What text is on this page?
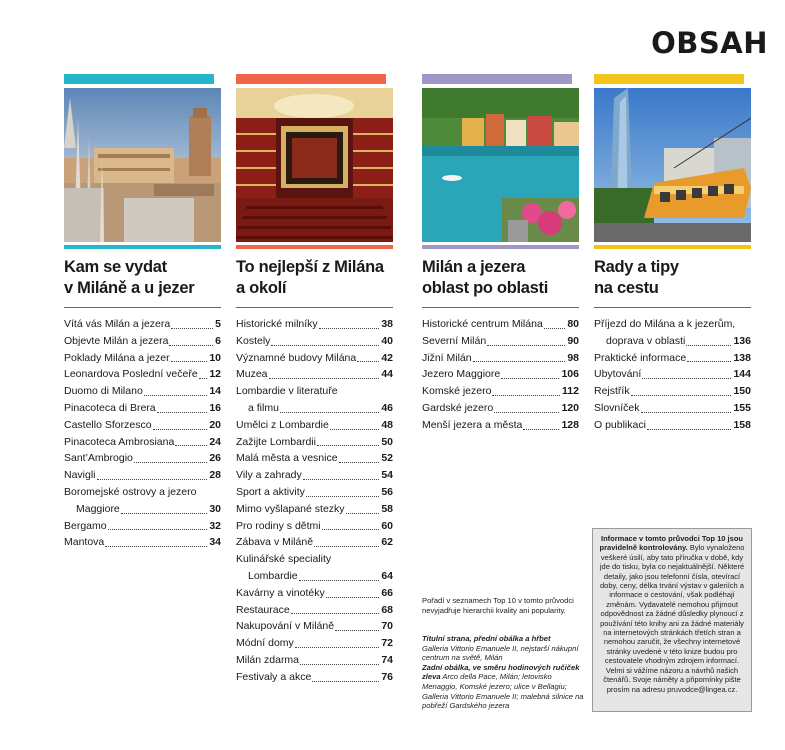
OBSAH
Kam se vydat
v Miláně a u jezer
Vítá vás Milán a jezera	5
Objevte Milán a jezera	6
Poklady Milána a jezer	10
Leonardova Poslední večeře 12
Duomo di Milano	14
Pinacoteca di Brera	16
Castello Sforzesco	20
Pinacoteca Ambrosiana	24
Sant’Ambrogio	26
Navigli	28
Boromejské ostrovy a jezero
Maggiore	30
Bergamo	32
Mantova	34
To nejlepší z Milána
a okolí
Historické milníky	38
Kostely	40
Významné budovy Milána 42
Muzea	44
Lombardie v literatuře
a filmu	46
Umělci z Lombardie	48
Zažijte Lombardii	50
Malá města a vesnice	52
Vily a zahrady	54
Sport a aktivity	56
Mimo vyšlapané stezky	58
Pro rodiny s dětmi	60
Zábava v Miláně	62
Kulinářské speciality
Lombardie	64
Kavárny a vinotéky	66
Restaurace	68
Nakupování v Miláně	70
Módní domy	72
Milán zdarma	74
Festivaly a akce	76
Milán a jezera
oblast po oblasti
Historické centrum Milána 80
Severní Milán	90
Jižní Milán	98
Jezero Maggiore	106
Komské jezero	112
Gardské jezero	120
Menší jezera a města	128
Rady a tipy
na cestu
Příjezd do Milána a k jezerům,
doprava v oblasti	136
Praktické informace	138
Ubytování	144
Rejstřík	150
Slovníček	155
O publikaci	158
Pořadí v seznamech Top 10 v tomto průvodci nevyjadřuje hierarchii kvality ani popularity.
Titulní strana, přední obálka a hřbet
Galleria Vittorio Emanuele II, nejstarší nákupní centrum na světě, Milán
Zadní obálka, ve směru hodinových ručiček zleva Arco della Pace, Milán; letovisko Menaggio, Komské jezero; ulice v Bellagiu; Galleria Vittorio Emanuele II; malebná silnice na pobřeží Gardského jezera
Informace v tomto průvodci Top 10 jsou pravidelně kontrolovány. Bylo vynaloženo veškeré úsilí, aby tato příručka v době, kdy jde do tisku, byla co nejaktuálnější. Některé detaily, jako jsou telefonní čísla, otevírací doby, ceny, délka trvání výstav v galeriích a informace o cestování, však podléhají změnám. Vydavatelé nemohou přijmout odpovědnost za žádné důsledky plynoucí z používání této knihy ani za žádné materiály na internetových stránkách třetích stran a nemohou zaručit, že všechny internetové stránky uvedené v této knize budou pro cestovatele vhodným zdrojem informací. Velmi si vážíme názoru a návrhů našich čtenářů. Svoje náměty a připomínky pište prosím na adresu pruvodce@lingea.cz.
